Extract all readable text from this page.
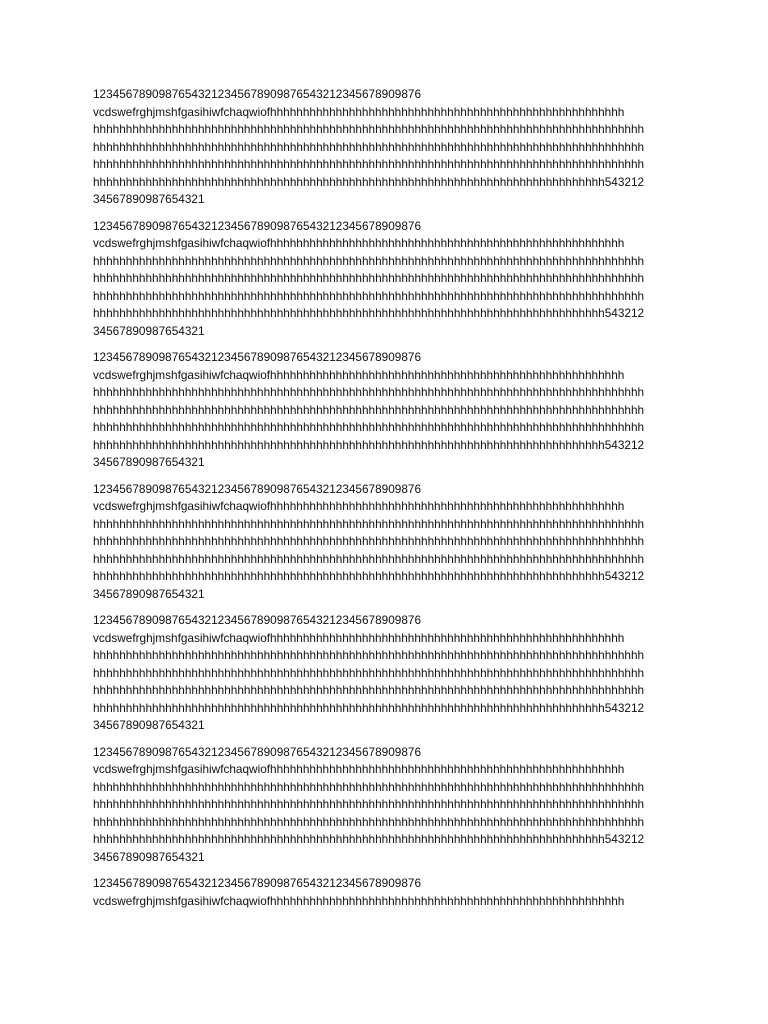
12345678909876543212345678909876543212345678909876
vcdswefrghjmshfgasihiwfchaqwiofhhhhhhhhhhhhhhhhhhhhhhhhhhhhhhhhhhhhhhhhhhhhhhhhhhhhhh
hhhhhhhhhhhhhhhhhhhhhhhhhhhhhhhhhhhhhhhhhhhhhhhhhhhhhhhhhhhhhhhhhhhhhhhhhhhhhhhhhhhh
hhhhhhhhhhhhhhhhhhhhhhhhhhhhhhhhhhhhhhhhhhhhhhhhhhhhhhhhhhhhhhhhhhhhhhhhhhhhhhhhhhhh
hhhhhhhhhhhhhhhhhhhhhhhhhhhhhhhhhhhhhhhhhhhhhhhhhhhhhhhhhhhhhhhhhhhhhhhhhhhhhhhhhhhh
hhhhhhhhhhhhhhhhhhhhhhhhhhhhhhhhhhhhhhhhhhhhhhhhhhhhhhhhhhhhhhhhhhhhhhhhhhhhhh543212
34567890987654321
12345678909876543212345678909876543212345678909876
vcdswefrghjmshfgasihiwfchaqwiofhhhhhhhhhhhhhhhhhhhhhhhhhhhhhhhhhhhhhhhhhhhhhhhhhhhhhh
hhhhhhhhhhhhhhhhhhhhhhhhhhhhhhhhhhhhhhhhhhhhhhhhhhhhhhhhhhhhhhhhhhhhhhhhhhhhhhhhhhhh
hhhhhhhhhhhhhhhhhhhhhhhhhhhhhhhhhhhhhhhhhhhhhhhhhhhhhhhhhhhhhhhhhhhhhhhhhhhhhhhhhhhh
hhhhhhhhhhhhhhhhhhhhhhhhhhhhhhhhhhhhhhhhhhhhhhhhhhhhhhhhhhhhhhhhhhhhhhhhhhhhhhhhhhhh
hhhhhhhhhhhhhhhhhhhhhhhhhhhhhhhhhhhhhhhhhhhhhhhhhhhhhhhhhhhhhhhhhhhhhhhhhhhhhh543212
34567890987654321
12345678909876543212345678909876543212345678909876
vcdswefrghjmshfgasihiwfchaqwiofhhhhhhhhhhhhhhhhhhhhhhhhhhhhhhhhhhhhhhhhhhhhhhhhhhhhhh
hhhhhhhhhhhhhhhhhhhhhhhhhhhhhhhhhhhhhhhhhhhhhhhhhhhhhhhhhhhhhhhhhhhhhhhhhhhhhhhhhhhh
hhhhhhhhhhhhhhhhhhhhhhhhhhhhhhhhhhhhhhhhhhhhhhhhhhhhhhhhhhhhhhhhhhhhhhhhhhhhhhhhhhhh
hhhhhhhhhhhhhhhhhhhhhhhhhhhhhhhhhhhhhhhhhhhhhhhhhhhhhhhhhhhhhhhhhhhhhhhhhhhhhhhhhhhh
hhhhhhhhhhhhhhhhhhhhhhhhhhhhhhhhhhhhhhhhhhhhhhhhhhhhhhhhhhhhhhhhhhhhhhhhhhhhhh543212
34567890987654321
12345678909876543212345678909876543212345678909876
vcdswefrghjmshfgasihiwfchaqwiofhhhhhhhhhhhhhhhhhhhhhhhhhhhhhhhhhhhhhhhhhhhhhhhhhhhhhh
hhhhhhhhhhhhhhhhhhhhhhhhhhhhhhhhhhhhhhhhhhhhhhhhhhhhhhhhhhhhhhhhhhhhhhhhhhhhhhhhhhhh
hhhhhhhhhhhhhhhhhhhhhhhhhhhhhhhhhhhhhhhhhhhhhhhhhhhhhhhhhhhhhhhhhhhhhhhhhhhhhhhhhhhh
hhhhhhhhhhhhhhhhhhhhhhhhhhhhhhhhhhhhhhhhhhhhhhhhhhhhhhhhhhhhhhhhhhhhhhhhhhhhhhhhhhhh
hhhhhhhhhhhhhhhhhhhhhhhhhhhhhhhhhhhhhhhhhhhhhhhhhhhhhhhhhhhhhhhhhhhhhhhhhhhhhh543212
34567890987654321
12345678909876543212345678909876543212345678909876
vcdswefrghjmshfgasihiwfchaqwiofhhhhhhhhhhhhhhhhhhhhhhhhhhhhhhhhhhhhhhhhhhhhhhhhhhhhhh
hhhhhhhhhhhhhhhhhhhhhhhhhhhhhhhhhhhhhhhhhhhhhhhhhhhhhhhhhhhhhhhhhhhhhhhhhhhhhhhhhhhh
hhhhhhhhhhhhhhhhhhhhhhhhhhhhhhhhhhhhhhhhhhhhhhhhhhhhhhhhhhhhhhhhhhhhhhhhhhhhhhhhhhhh
hhhhhhhhhhhhhhhhhhhhhhhhhhhhhhhhhhhhhhhhhhhhhhhhhhhhhhhhhhhhhhhhhhhhhhhhhhhhhhhhhhhh
hhhhhhhhhhhhhhhhhhhhhhhhhhhhhhhhhhhhhhhhhhhhhhhhhhhhhhhhhhhhhhhhhhhhhhhhhhhhhh543212
34567890987654321
12345678909876543212345678909876543212345678909876
vcdswefrghjmshfgasihiwfchaqwiofhhhhhhhhhhhhhhhhhhhhhhhhhhhhhhhhhhhhhhhhhhhhhhhhhhhhhh
hhhhhhhhhhhhhhhhhhhhhhhhhhhhhhhhhhhhhhhhhhhhhhhhhhhhhhhhhhhhhhhhhhhhhhhhhhhhhhhhhhhh
hhhhhhhhhhhhhhhhhhhhhhhhhhhhhhhhhhhhhhhhhhhhhhhhhhhhhhhhhhhhhhhhhhhhhhhhhhhhhhhhhhhh
hhhhhhhhhhhhhhhhhhhhhhhhhhhhhhhhhhhhhhhhhhhhhhhhhhhhhhhhhhhhhhhhhhhhhhhhhhhhhhhhhhhh
hhhhhhhhhhhhhhhhhhhhhhhhhhhhhhhhhhhhhhhhhhhhhhhhhhhhhhhhhhhhhhhhhhhhhhhhhhhhhh543212
34567890987654321
12345678909876543212345678909876543212345678909876
vcdswefrghjmshfgasihiwfchaqwiofhhhhhhhhhhhhhhhhhhhhhhhhhhhhhhhhhhhhhhhhhhhhhhhhhhhhhh
